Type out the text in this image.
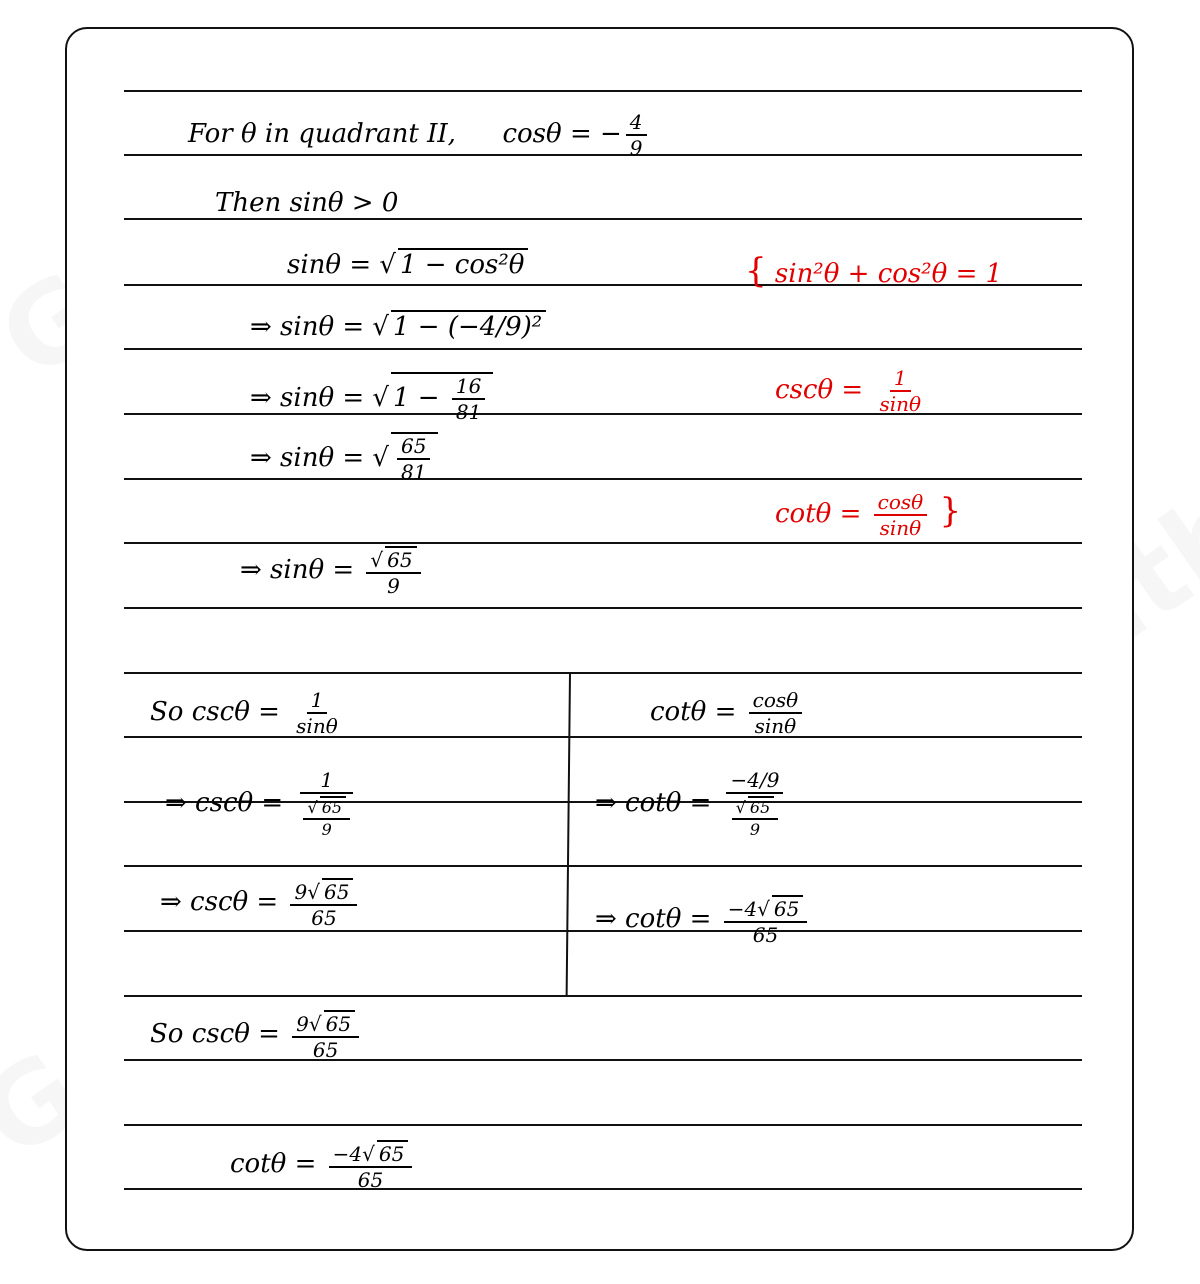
For θ in quadrant II, cosθ = − $\frac{4}{9}$
Then sinθ > 0
sinθ = √ 1 − cos²θ
⇒ sinθ = √ 1 − (−4/9)²
⇒ sinθ = √ $1 - \frac{16}{81}$
⇒ sinθ = √ $\frac{65}{81}$
⇒ sinθ = √ $\frac{65}{9}$
{ sin²θ + cos²θ = 1
$\csc\theta = \frac{1}{\sin\theta}$
$\cot\theta = \frac{\cos\theta}{\sin\theta}$ }
So $\csc\theta = \frac{1}{\sin\theta}$
⇒ cscθ = 1
√ $\frac{65}{9}$
⇒ $\csc\theta = \frac{9 √ 65}{65}$
$\cot\theta = \frac{\cos\theta}{\sin\theta}$
⇒ cotθ = −4/9
√ $\frac{65}{9}$
⇒ $\cot\theta = \frac{-4 √ 65}{65}$
So $\csc\theta = \frac{9 √ 65}{65}$
$\cot\theta = \frac{-4 √ 65}{65}$
